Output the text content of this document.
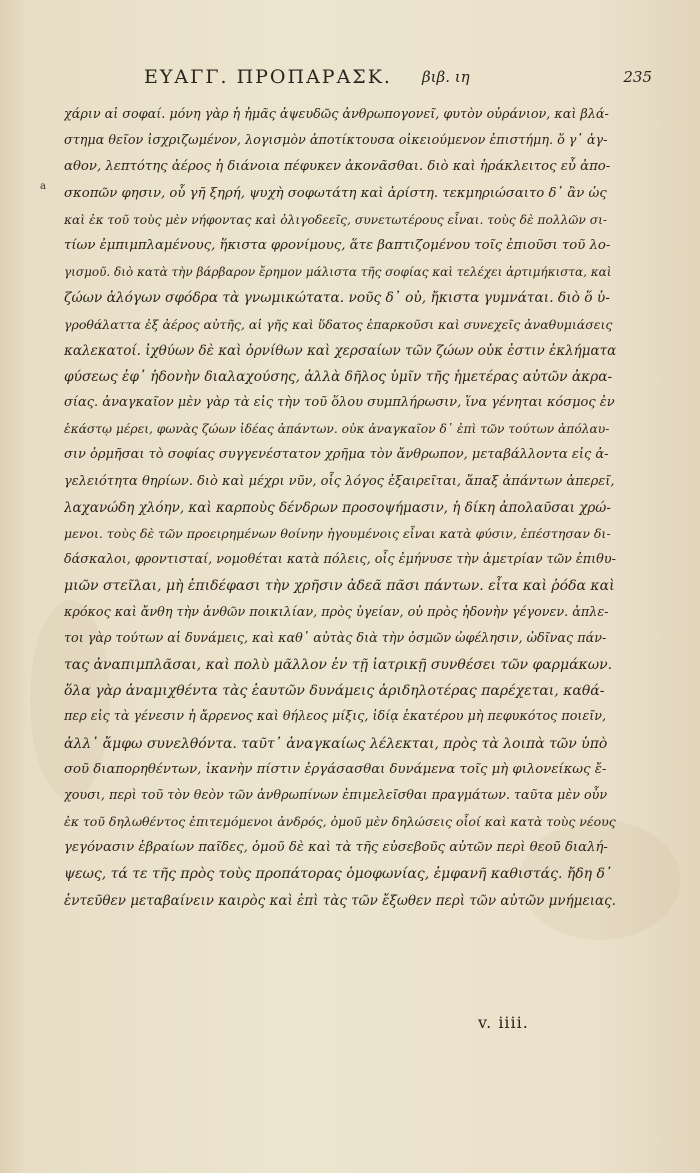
ΕΥΑΓΓ. ΠΡΟΠΑΡΑΣΚ. βιβ. ιη	235
a
χάριν αἱ σοφαί. μόνη γὰρ ἡ ἡμᾶς ἀψευδῶς ἀνθρωπογονεῖ, φυτὸν οὐράνιον, καὶ βλά-
στημα θεῖον ἰσχριζωμένον, λογισμὸν ἀποτίκτουσα οἰκειούμενον ἐπιστήμη. ὅ γ᾽ ἀγ-
αθον, λεπτότης ἀέρος ἡ διάνοια πέφυκεν ἀκονᾶσθαι. διὸ καὶ ἡράκλειτος εὖ ἀπο-
σκοπῶν φησιν, οὗ γῆ ξηρή, ψυχὴ σοφωτάτη καὶ ἀρίστη. τεκμηριώσαιτο δ᾽ ἂν ὡς
καὶ ἐκ τοῦ τοὺς μὲν νήφοντας καὶ ὀλιγοδεεῖς, συνετωτέρους εἶναι. τοὺς δὲ πολλῶν σι-
τίων ἐμπιμπλαμένους, ἥκιστα φρονίμους, ἅτε βαπτιζομένου τοῖς ἐπιοῦσι τοῦ λο-
γισμοῦ. διὸ κατὰ τὴν βάρβαρον ἔρημον μάλιστα τῆς σοφίας καὶ τελέχει ἀρτιμήκιστα, καὶ
ζώων ἀλόγων σφόδρα τὰ γνωμικώτατα. νοῦς δ᾽ οὐ, ἤκιστα γυμνάται. διὸ ὅ ὑ-
γροθάλαττα ἐξ ἀέρος αὐτῆς, αἱ γῆς καὶ ὕδατος ἐπαρκοῦσι καὶ συνεχεῖς ἀναθυμιάσεις
καλεκατοί. ἰχθύων δὲ καὶ ὀρνίθων καὶ χερσαίων τῶν ζώων οὐκ ἐστιν ἐκλήματα
φύσεως ἐφ᾽ ἡδονὴν διαλαχούσης, ἀλλὰ δῆλος ὑμῖν τῆς ἡμετέρας αὐτῶν ἀκρα-
σίας. ἀναγκαῖον μὲν γὰρ τὰ εἰς τὴν τοῦ ὅλου συμπλήρωσιν, ἵνα γένηται κόσμος ἐν
ἑκάστῳ μέρει, φωνὰς ζώων ἰδέας ἀπάντων. οὐκ ἀναγκαῖον δ᾽ ἐπὶ τῶν τούτων ἀπόλαυ-
σιν ὁρμῆσαι τὸ σοφίας συγγενέστατον χρῆμα τὸν ἄνθρωπον, μεταβάλλοντα εἰς ἀ-
γελειότητα θηρίων. διὸ καὶ μέχρι νῦν, οἷς λόγος ἐξαιρεῖται, ἅπαξ ἀπάντων ἀπερεῖ,
λαχανώδη χλόην, καὶ καρποὺς δένδρων προσοψήμασιν, ἡ δίκη ἀπολαῦσαι χρώ-
μενοι. τοὺς δὲ τῶν προειρημένων θοίνην ἡγουμένοις εἶναι κατὰ φύσιν, ἐπέστησαν δι-
δάσκαλοι, φροντισταί, νομοθέται κατὰ πόλεις, οἷς ἐμήνυσε τὴν ἀμετρίαν τῶν ἐπιθυ-
μιῶν στεῖλαι, μὴ ἐπιδέφασι τὴν χρῆσιν ἀδεᾶ πᾶσι πάντων. εἶτα καὶ ῥόδα καὶ
κρόκος καὶ ἄνθη τὴν ἀνθῶν ποικιλίαν, πρὸς ὑγείαν, οὐ πρὸς ἡδονὴν γέγονεν. ἀπλε-
τοι γὰρ τούτων αἱ δυνάμεις, καὶ καθ᾽ αὐτὰς διὰ τὴν ὀσμῶν ὠφέλησιν, ὠδῖνας πάν-
τας ἀναπιμπλᾶσαι, καὶ πολὺ μᾶλλον ἐν τῇ ἰατρικῇ συνθέσει τῶν φαρμάκων.
ὅλα γὰρ ἀναμιχθέντα τὰς ἑαυτῶν δυνάμεις ἀριδηλοτέρας παρέχεται, καθά-
περ εἰς τὰ γένεσιν ἡ ἄρρενος καὶ θήλεος μίξις, ἰδίᾳ ἑκατέρου μὴ πεφυκότος ποιεῖν,
ἀλλ᾽ ἄμφω συνελθόντα. ταῦτ᾽ ἀναγκαίως λέλεκται, πρὸς τὰ λοιπὰ τῶν ὑπὸ
σοῦ διαπορηθέντων, ἱκανὴν πίστιν ἐργάσασθαι δυνάμενα τοῖς μὴ φιλονείκως ἔ-
χουσι, περὶ τοῦ τὸν θεὸν τῶν ἀνθρωπίνων ἐπιμελεῖσθαι πραγμάτων. ταῦτα μὲν οὖν
ἐκ τοῦ δηλωθέντος ἐπιτεμόμενοι ἀνδρός, ὁμοῦ μὲν δηλώσεις οἷοί καὶ κατὰ τοὺς νέους
γεγόνασιν ἑβραίων παῖδες, ὁμοῦ δὲ καὶ τὰ τῆς εὐσεβοῦς αὐτῶν περὶ θεοῦ διαλή-
ψεως, τά τε τῆς πρὸς τοὺς προπάτορας ὁμοφωνίας, ἐμφανῆ καθιστάς. ἤδη δ᾽
ἐντεῦθεν μεταβαίνειν καιρὸς καὶ ἐπὶ τὰς τῶν ἔξωθεν περὶ τῶν αὐτῶν μνήμειας.
v. iiii.
